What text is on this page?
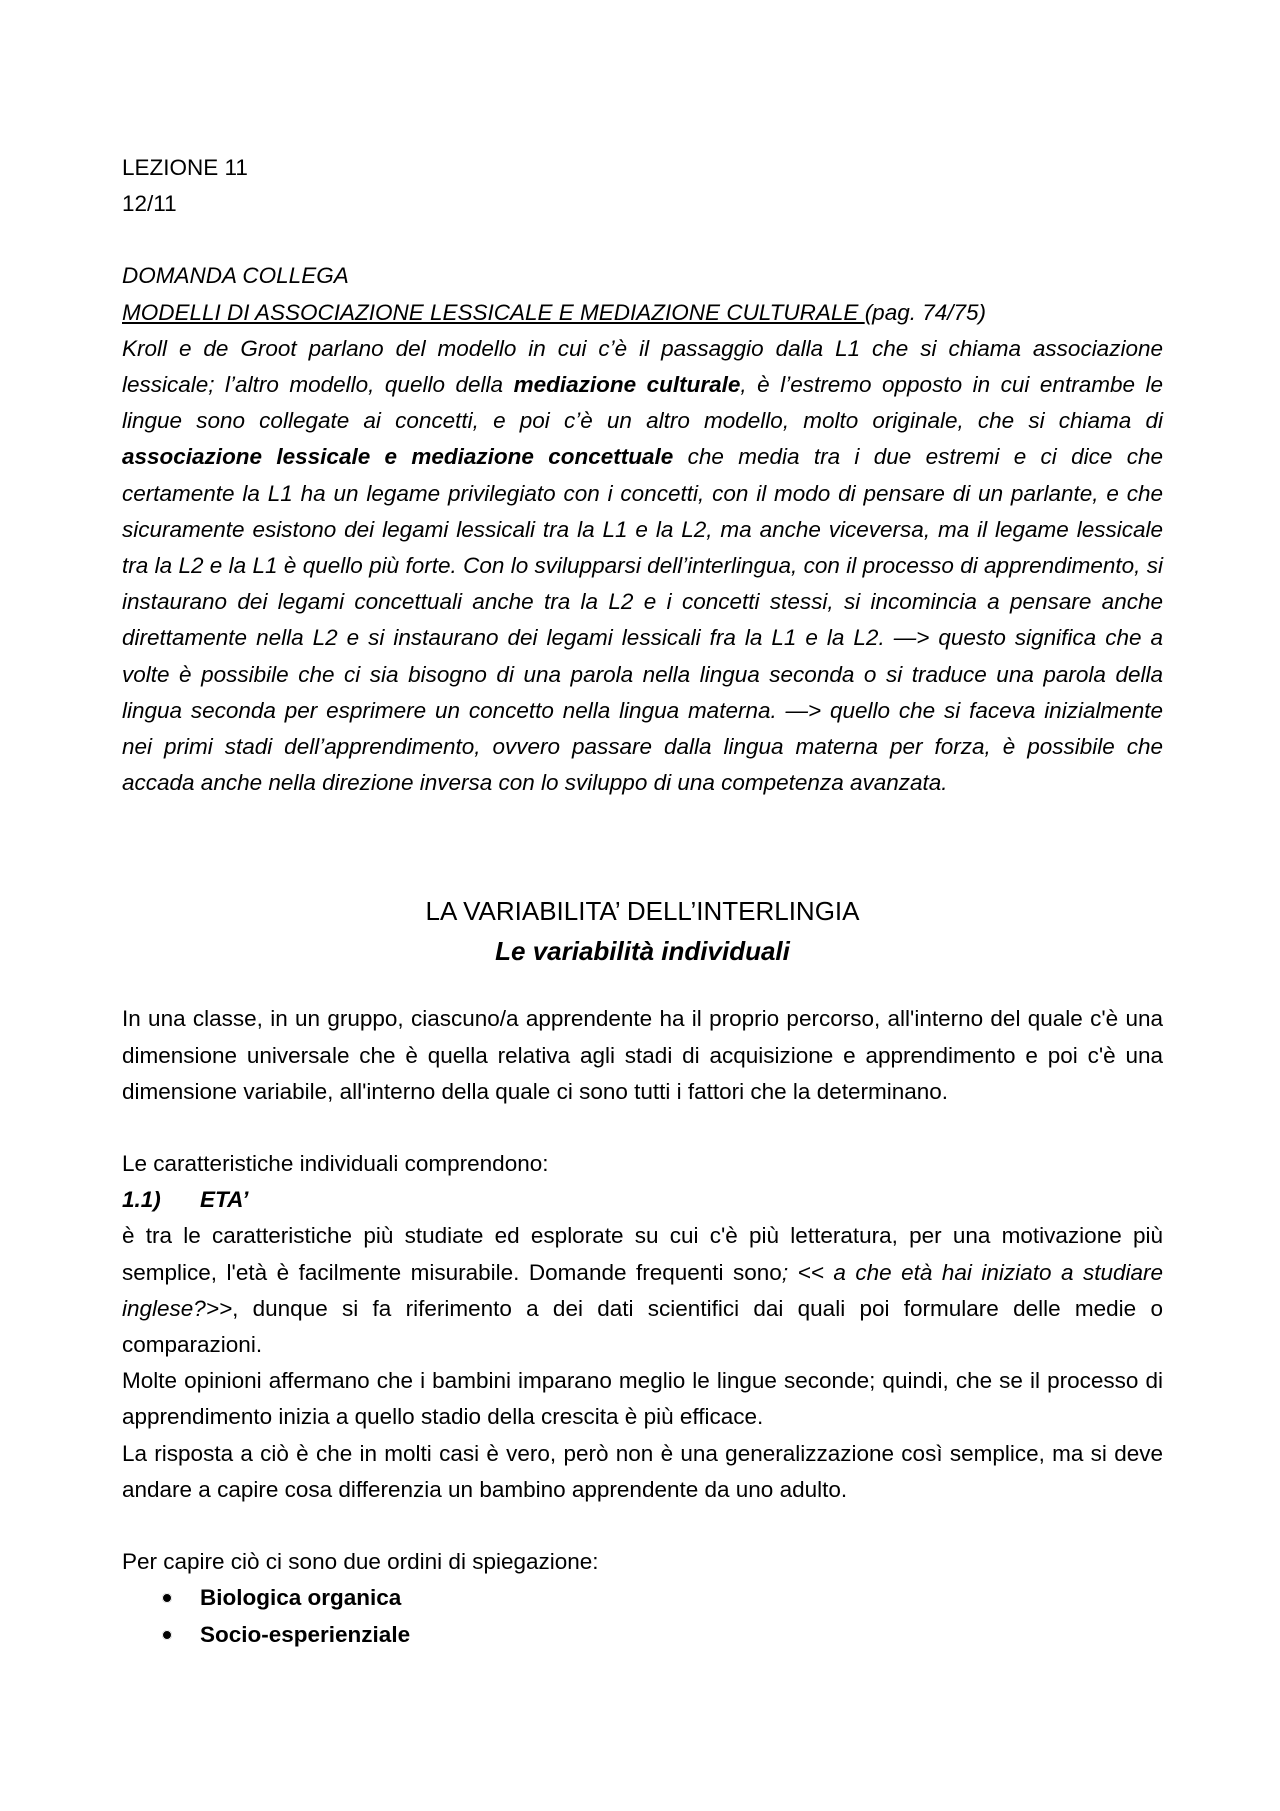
LEZIONE 11
12/11
DOMANDA COLLEGA
MODELLI DI ASSOCIAZIONE LESSICALE E MEDIAZIONE CULTURALE (pag. 74/75)

Kroll e de Groot parlano del modello in cui c’è il passaggio dalla L1 che si chiama associazione lessicale; l’altro modello, quello della mediazione culturale, è l’estremo opposto in cui entrambe le lingue sono collegate ai concetti, e poi c’è un altro modello, molto originale, che si chiama di associazione lessicale e mediazione concettuale che media tra i due estremi e ci dice che certamente la L1 ha un legame privilegiato con i concetti, con il modo di pensare di un parlante, e che sicuramente esistono dei legami lessicali tra la L1 e la L2, ma anche viceversa, ma il legame lessicale tra la L2 e la L1 è quello più forte. Con lo svilupparsi dell’interlingua, con il processo di apprendimento, si instaurano dei legami concettuali anche tra la L2 e i concetti stessi, si incomincia a pensare anche direttamente nella L2 e si instaurano dei legami lessicali fra la L1 e la L2. —> questo significa che a volte è possibile che ci sia bisogno di una parola nella lingua seconda o si traduce una parola della lingua seconda per esprimere un concetto nella lingua materna. —> quello che si faceva inizialmente nei primi stadi dell’apprendimento, ovvero passare dalla lingua materna per forza, è possibile che accada anche nella direzione inversa con lo sviluppo di una competenza avanzata.

LA VARIABILITA’ DELL’INTERLINGIA
Le variabilità individuali

In una classe, in un gruppo, ciascuno/a apprendente ha il proprio percorso, all'interno del quale c'è una dimensione universale che è quella relativa agli stadi di acquisizione e apprendimento e poi c'è una dimensione variabile, all'interno della quale ci sono tutti i fattori che la determinano.

Le caratteristiche individuali comprendono:
1.1) ETA’

è tra le caratteristiche più studiate ed esplorate su cui c'è più letteratura, per una motivazione più semplice, l'età è facilmente misurabile. Domande frequenti sono; << a che età hai iniziato a studiare inglese?>>, dunque si fa riferimento a dei dati scientifici dai quali poi formulare delle medie o comparazioni.

Molte opinioni affermano che i bambini imparano meglio le lingue seconde; quindi, che se il processo di apprendimento inizia a quello stadio della crescita è più efficace.

La risposta a ciò è che in molti casi è vero, però non è una generalizzazione così semplice, ma si deve andare a capire cosa differenzia un bambino apprendente da uno adulto.

Per capire ciò ci sono due ordini di spiegazione:
Biologica organica
Socio-esperienziale
